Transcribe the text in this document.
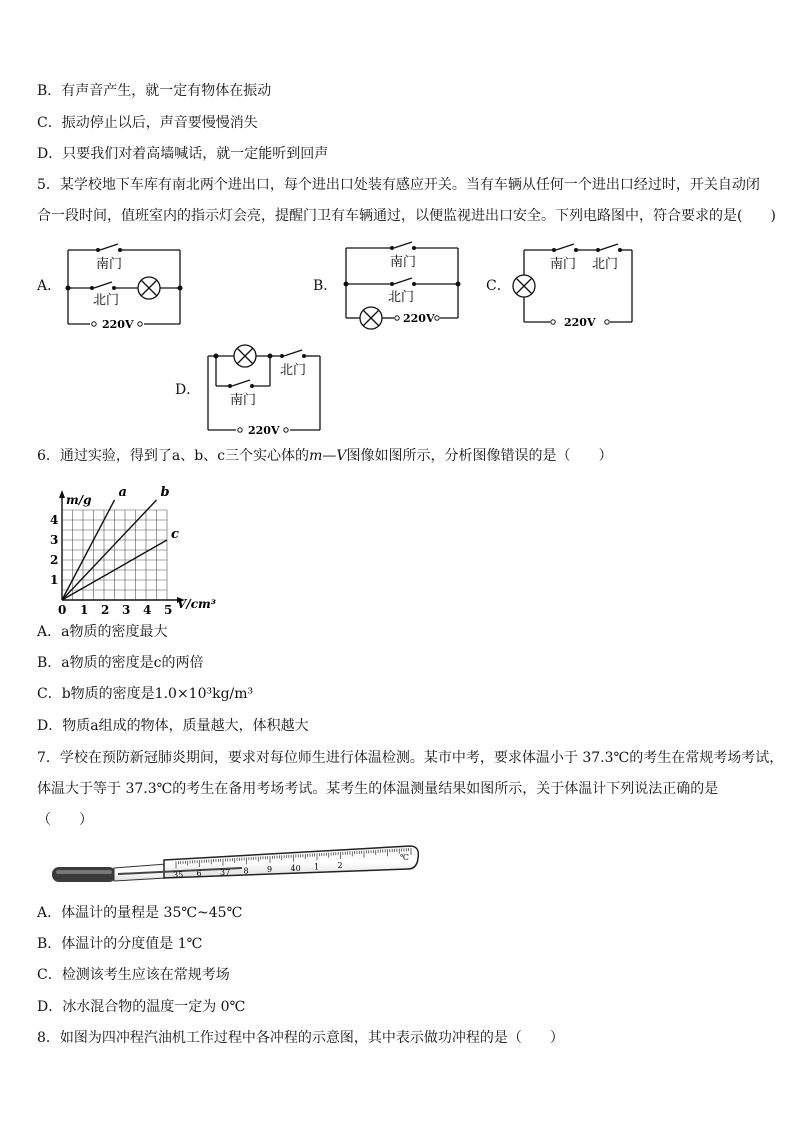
B．有声音产生，就一定有物体在振动
C．振动停止以后，声音要慢慢消失
D．只要我们对着高墙喊话，就一定能听到回声
5．某学校地下车库有南北两个进出口，每个进出口处装有感应开关。当有车辆从任何一个进出口经过时，开关自动闭
合一段时间，值班室内的指示灯会亮，提醒门卫有车辆通过，以便监视进出口安全。下列电路图中，符合要求的是(　　)
A．	B．	C．
D．
南门
北门
220V
南门
北门
220V
南门 北门
220V
北门
南门
220V
6．通过实验，得到了a、b、c三个实心体的m—V图像如图所示，分析图像错误的是（　　）
0 1 2 3 4 5
1
2
3
4
V/cm³
m/g a	b
c
A．a物质的密度最大
B．a物质的密度是c的两倍
C．b物质的密度是1.0×10³kg/m³
D．物质a组成的物体，质量越大，体积越大
7．学校在预防新冠肺炎期间，要求对每位师生进行体温检测。某市中考，要求体温小于 37.3℃的考生在常规考场考试，
体温大于等于 37.3℃的考生在备用考场考试。某考生的体温测量结果如图所示，关于体温计下列说法正确的是
（　　）
35 6 37 8 9 40 1 2
℃
A．体温计的量程是 35℃~45℃
B．体温计的分度值是 1℃
C．检测该考生应该在常规考场
D．冰水混合物的温度一定为 0℃
8．如图为四冲程汽油机工作过程中各冲程的示意图，其中表示做功冲程的是（　　）
